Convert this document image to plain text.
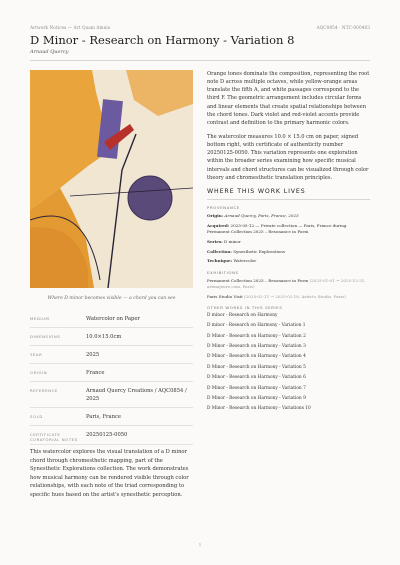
Artwork Notices — Art Quam Amnio	AQC0854 · NTC-000403
D Minor - Research on Harmony - Variation 8
Arnaud Quercy
Where D minor becomes visible — a chord you can see
MEDIUM	Watercolor on Paper
DIMENSIONS	10.0×15.0cm
YEAR	2025
ORIGIN	France
REFERENCE	Arnaud Quercy Creations / AQC0854 / 2025
SOLD	Paris, France
CERTIFICATE	20250125-0050
CURATORIAL NOTES
This watercolor explores the visual translation of a D minor chord through chromesthetic mapping, part of the Synesthetic Explorations collection. The work demonstrates how musical harmony can be rendered visible through color relationships, with each note of the triad corresponding to specific hues based on the artist's synesthetic perception.

Orange tones dominate the composition, representing the root note D across multiple octaves, while yellow-orange areas translate the fifth A, and white passages correspond to the third F. The geometric arrangement includes circular forms and linear elements that create spatial relationships between the chord tones. Dark violet and red-violet accents provide contrast and definition to the primary harmonic colors.

The watercolor measures 10.0 × 15.0 cm on paper, signed bottom right, with certificate of authenticity number 20250125-0050. This variation represents one exploration within the broader series examining how specific musical intervals and chord structures can be visualized through color theory and chromesthetic translation principles.

WHERE THIS WORK LIVES
PROVENANCE
Origin: Arnaud Quercy, Paris, France, 2025
Acquired: 2025-05-12 — Private collection — Paris, France during Permanent Collection 2025 – Resonance in Form
Series: D minor
Collection: Synesthetic Explorations
Technique: Watercolor
EXHIBITIONS
Permanent Collection 2025 – Resonance in Form (2025-01-01 → 2025-12-31, artmajeure.com, Paris)
Paris Studio Visit (2025-02-11 → 2025-02-18, Artist's Studio, Paris)
OTHER WORKS IN THIS SERIES
D minor - Research on Harmony
D minor - Research on Harmony - Variation 1
D Minor - Research on Harmony - Variation 2
D Minor - Research on Harmony - Variation 3
D Minor - Research on Harmony - Variation 4
D Minor - Research on Harmony - Variation 5
D Minor - Research on Harmony - Variation 6
D Minor - Research on Harmony - Variation 7
D Minor - Research on Harmony - Variation 9
D Minor - Research on Harmony - Variations 10
1
